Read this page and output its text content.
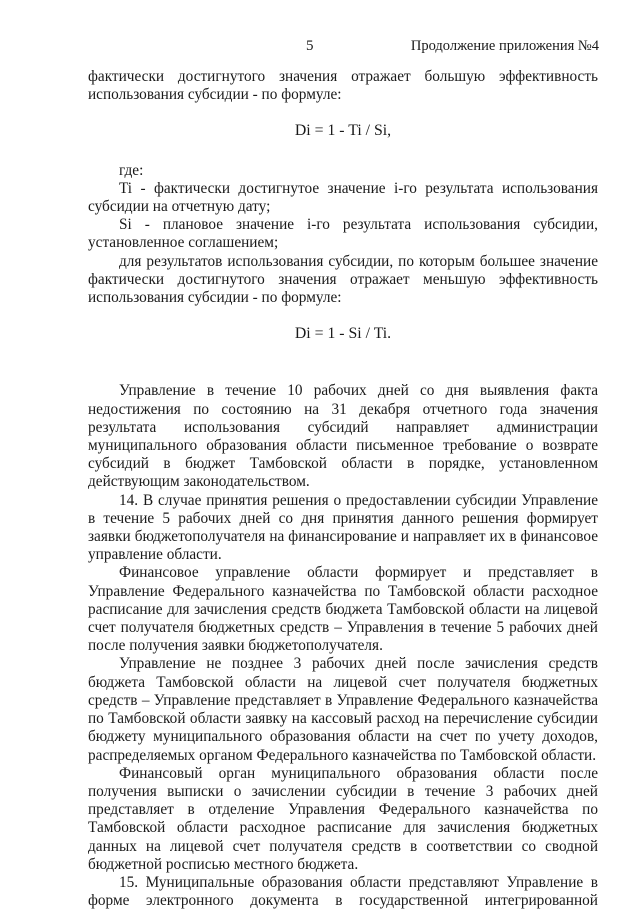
5	Продолжение приложения №4

фактически достигнутого значения отражает большую эффективность использования субсидии - по формуле:

Di = 1 - Ti / Si,

где:

Ti - фактически достигнутое значение i-го результата использования субсидии на отчетную дату;

Si - плановое значение i-го результата использования субсидии, установленное соглашением;

для результатов использования субсидии, по которым большее значение фактически достигнутого значения отражает меньшую эффективность использования субсидии - по формуле:

Di = 1 - Si / Ti.

Управление в течение 10 рабочих дней со дня выявления факта недостижения по состоянию на 31 декабря отчетного года значения результата использования субсидий направляет администрации муниципального образования области письменное требование о возврате субсидий в бюджет Тамбовской области в порядке, установленном действующим законодательством.

14. В случае принятия решения о предоставлении субсидии Управление в течение 5 рабочих дней со дня принятия данного решения формирует заявки бюджетополучателя на финансирование и направляет их в финансовое управление области.

Финансовое управление области формирует и представляет в Управление Федерального казначейства по Тамбовской области расходное расписание для зачисления средств бюджета Тамбовской области на лицевой счет получателя бюджетных средств – Управления в течение 5 рабочих дней после получения заявки бюджетополучателя.

Управление не позднее 3 рабочих дней после зачисления средств бюджета Тамбовской области на лицевой счет получателя бюджетных средств – Управление представляет в Управление Федерального казначейства по Тамбовской области заявку на кассовый расход на перечисление субсидии бюджету муниципального образования области на счет по учету доходов, распределяемых органом Федерального казначейства по Тамбовской области.

Финансовый орган муниципального образования области после получения выписки о зачислении субсидии в течение 3 рабочих дней представляет в отделение Управления Федерального казначейства по Тамбовской области расходное расписание для зачисления бюджетных данных на лицевой счет получателя средств в соответствии со сводной бюджетной росписью местного бюджета.

15. Муниципальные образования области представляют Управление в форме электронного документа в государственной интегрированной
